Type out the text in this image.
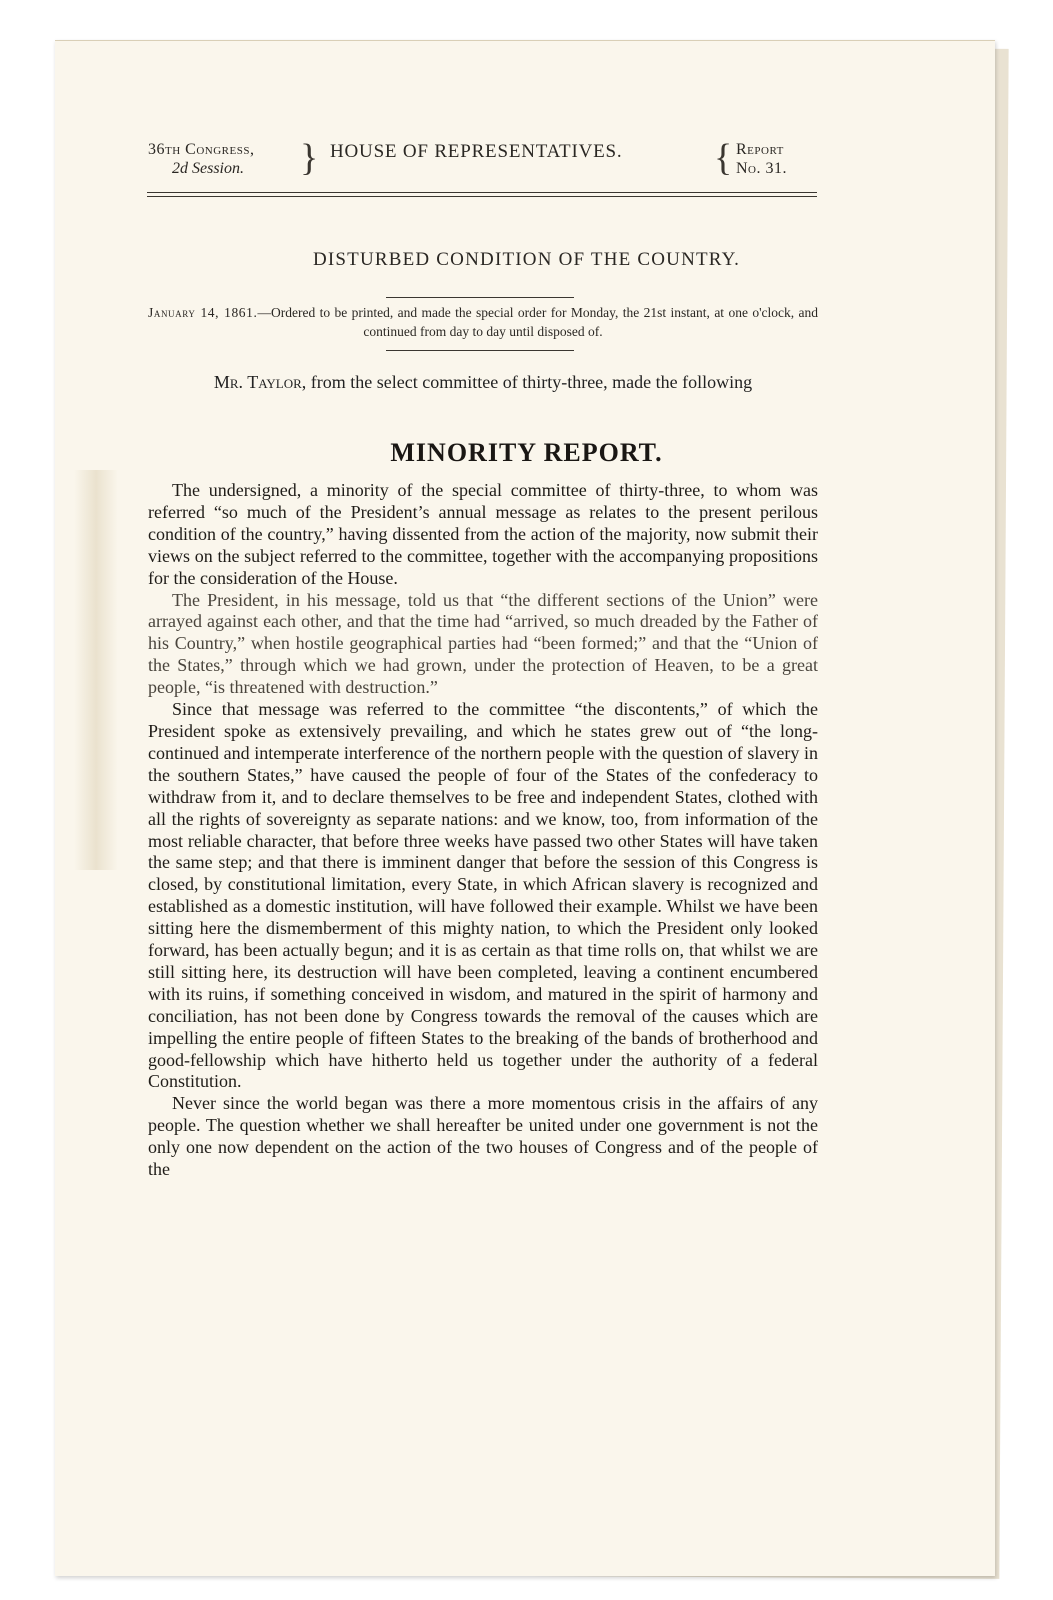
36th Congress,
2d Session. } HOUSE OF REPRESENTATIVES. { Report
No. 31.
DISTURBED CONDITION OF THE COUNTRY.
January 14, 1861.—Ordered to be printed, and made the special order for Monday, the 21st instant, at one o'clock, and continued from day to day until disposed of.
Mr. Taylor, from the select committee of thirty-three, made the following
MINORITY REPORT.

The undersigned, a minority of the special committee of thirty-three, to whom was referred “so much of the President’s annual message as relates to the present perilous condition of the country,” having dissented from the action of the majority, now submit their views on the subject referred to the committee, together with the accompanying propositions for the consideration of the House.

The President, in his message, told us that “the different sections of the Union” were arrayed against each other, and that the time had “arrived, so much dreaded by the Father of his Country,” when hostile geographical parties had “been formed;” and that the “Union of the States,” through which we had grown, under the protection of Heaven, to be a great people, “is threatened with destruction.”

Since that message was referred to the committee “the discontents,” of which the President spoke as extensively prevailing, and which he states grew out of “the long-continued and intemperate interference of the northern people with the question of slavery in the southern States,” have caused the people of four of the States of the confederacy to withdraw from it, and to declare themselves to be free and independent States, clothed with all the rights of sovereignty as separate nations: and we know, too, from information of the most reliable character, that before three weeks have passed two other States will have taken the same step; and that there is imminent danger that before the session of this Congress is closed, by constitutional limitation, every State, in which African slavery is recognized and established as a domestic institution, will have followed their example. Whilst we have been sitting here the dismemberment of this mighty nation, to which the President only looked forward, has been actually begun; and it is as certain as that time rolls on, that whilst we are still sitting here, its destruction will have been completed, leaving a continent encumbered with its ruins, if something conceived in wisdom, and matured in the spirit of harmony and conciliation, has not been done by Congress towards the removal of the causes which are impelling the entire people of fifteen States to the breaking of the bands of brotherhood and good-fellowship which have hitherto held us together under the authority of a federal Constitution.

Never since the world began was there a more momentous crisis in the affairs of any people. The question whether we shall hereafter be united under one government is not the only one now dependent on the action of the two houses of Congress and of the people of the
